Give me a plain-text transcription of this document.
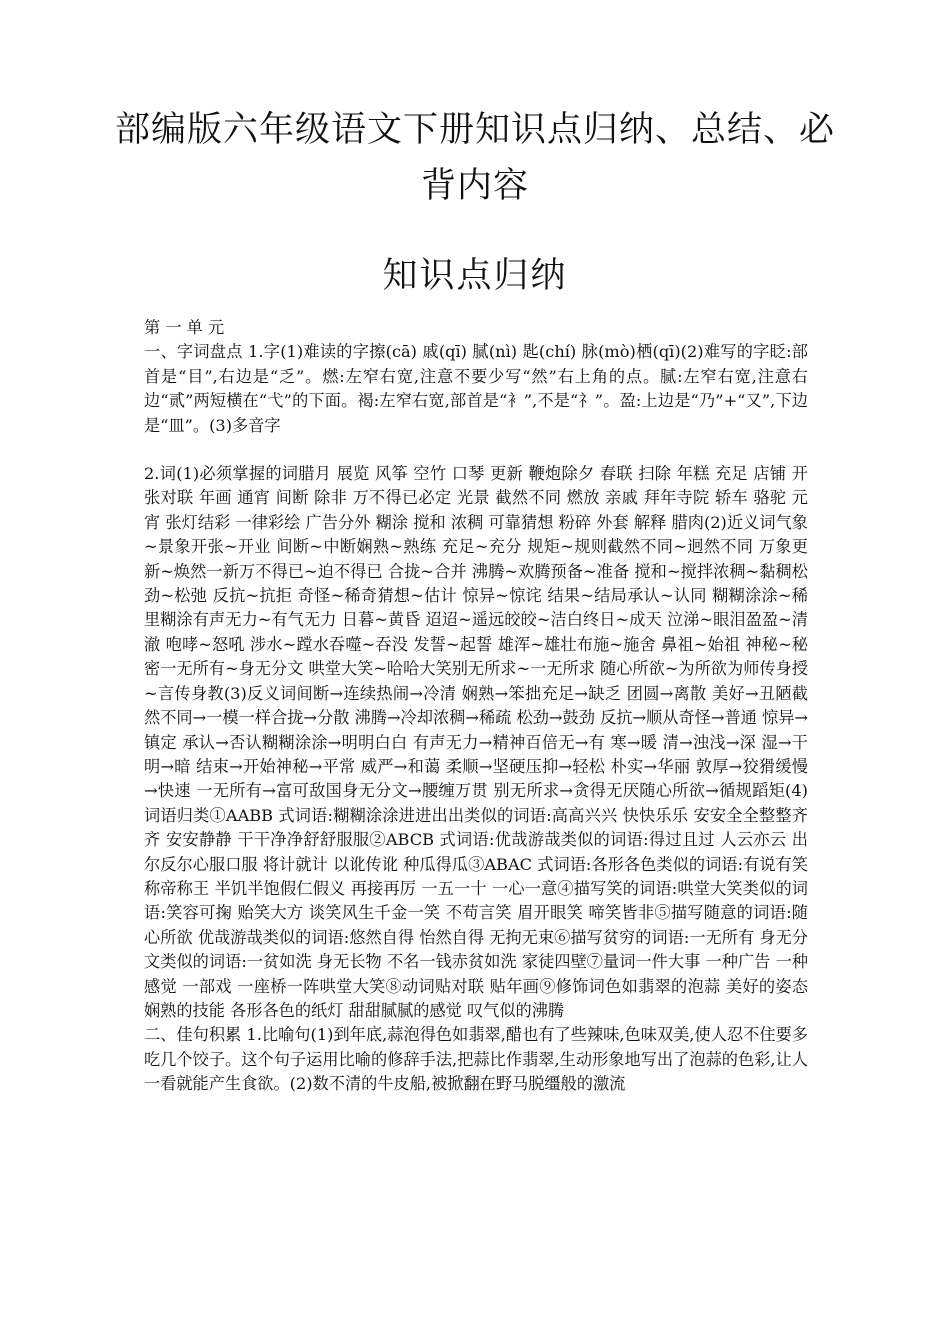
部编版六年级语文下册知识点归纳、总结、必背内容
知识点归纳

第 一 单 元

一、字词盘点 1.字(1)难读的字擦(cā) 戚(qī) 腻(nì) 匙(chí) 脉(mò)栖(qī)(2)难写的字眨:部首是“目”,右边是“乏”。燃:左窄右宽,注意不要少写“然”右上角的点。腻:左窄右宽,注意右边“贰”两短横在“弋”的下面。褐:左窄右宽,部首是“衤”,不是“礻”。盈:上边是“乃”+“又”,下边是“皿”。(3)多音字

2.词(1)必须掌握的词腊月 展览 风筝 空竹 口琴 更新 鞭炮除夕 春联 扫除 年糕 充足 店铺 开张对联 年画 通宵 间断 除非 万不得已必定 光景 截然不同 燃放 亲戚 拜年寺院 轿车 骆驼 元宵 张灯结彩 一律彩绘 广告分外 糊涂 搅和 浓稠 可靠猜想 粉碎 外套 解释 腊肉(2)近义词气象~景象开张~开业 间断~中断娴熟~熟练 充足~充分 规矩~规则截然不同~迥然不同 万象更新~焕然一新万不得已~迫不得已 合拢~合并 沸腾~欢腾预备~准备 搅和~搅拌浓稠~黏稠松劲~松弛 反抗~抗拒 奇怪~稀奇猜想~估计 惊异~惊诧 结果~结局承认~认同 糊糊涂涂~稀里糊涂有声无力~有气无力 日暮~黄昏 迢迢~遥远皎皎~洁白终日~成天 泣涕~眼泪盈盈~清澈 咆哮~怒吼 涉水~蹚水吞噬~吞没 发誓~起誓 雄浑~雄壮布施~施舍 鼻祖~始祖 神秘~秘密一无所有~身无分文 哄堂大笑~哈哈大笑别无所求~一无所求 随心所欲~为所欲为师传身授~言传身教(3)反义词间断→连续热闹→冷清 娴熟→笨拙充足→缺乏 团圆→离散 美好→丑陋截然不同→一模一样合拢→分散 沸腾→冷却浓稠→稀疏 松劲→鼓劲 反抗→顺从奇怪→普通 惊异→镇定 承认→否认糊糊涂涂→明明白白 有声无力→精神百倍无→有 寒→暖 清→浊浅→深 湿→干 明→暗 结束→开始神秘→平常 威严→和蔼 柔顺→坚硬压抑→轻松 朴实→华丽 敦厚→狡猾缓慢→快速 一无所有→富可敌国身无分文→腰缠万贯 别无所求→贪得无厌随心所欲→循规蹈矩(4)词语归类①AABB 式词语:糊糊涂涂进进出出类似的词语:高高兴兴 快快乐乐 安安全全整整齐齐 安安静静 干干净净舒舒服服②ABCB 式词语:优哉游哉类似的词语:得过且过 人云亦云 出尔反尔心服口服 将计就计 以讹传讹 种瓜得瓜③ABAC 式词语:各形各色类似的词语:有说有笑称帝称王 半饥半饱假仁假义 再接再厉 一五一十 一心一意④描写笑的词语:哄堂大笑类似的词语:笑容可掬 贻笑大方 谈笑风生千金一笑 不苟言笑 眉开眼笑 啼笑皆非⑤描写随意的词语:随心所欲 优哉游哉类似的词语:悠然自得 怡然自得 无拘无束⑥描写贫穷的词语:一无所有 身无分文类似的词语:一贫如洗 身无长物 不名一钱赤贫如洗 家徒四壁⑦量词一件大事 一种广告 一种感觉 一部戏 一座桥一阵哄堂大笑⑧动词贴对联 贴年画⑨修饰词色如翡翠的泡蒜 美好的姿态 娴熟的技能 各形各色的纸灯 甜甜腻腻的感觉 叹气似的沸腾

二、佳句积累 1.比喻句(1)到年底,蒜泡得色如翡翠,醋也有了些辣味,色味双美,使人忍不住要多吃几个饺子。这个句子运用比喻的修辞手法,把蒜比作翡翠,生动形象地写出了泡蒜的色彩,让人一看就能产生食欲。(2)数不清的牛皮船,被掀翻在野马脱缰般的激流
